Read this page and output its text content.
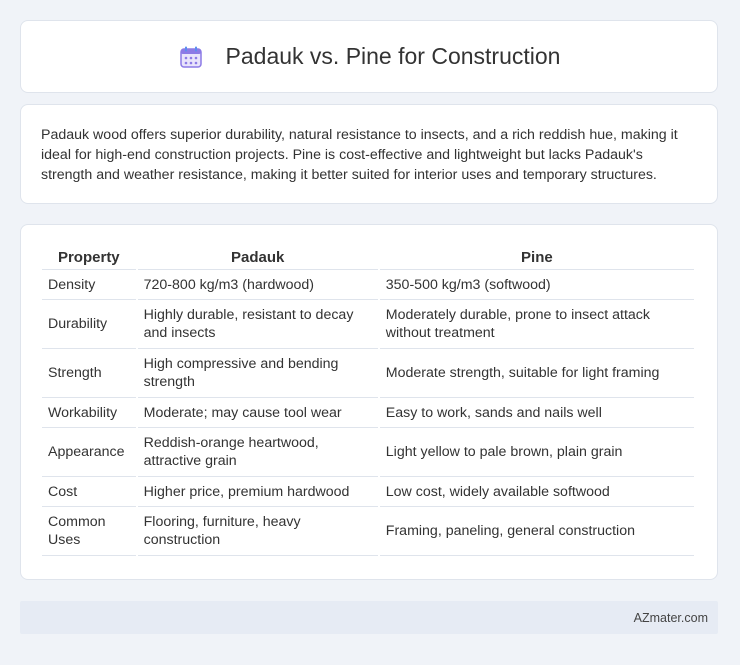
Padauk vs. Pine for Construction

Padauk wood offers superior durability, natural resistance to insects, and a rich reddish hue, making it ideal for high-end construction projects. Pine is cost-effective and lightweight but lacks Padauk's strength and weather resistance, making it better suited for interior uses and temporary structures.

Property	Padauk	Pine
Density	720-800 kg/m3 (hardwood)	350-500 kg/m3 (softwood)
Durability	Highly durable, resistant to decay and insects	Moderately durable, prone to insect attack without treatment
Strength	High compressive and bending strength	Moderate strength, suitable for light framing
Workability	Moderate; may cause tool wear	Easy to work, sands and nails well
Appearance	Reddish-orange heartwood, attractive grain	Light yellow to pale brown, plain grain
Cost	Higher price, premium hardwood	Low cost, widely available softwood
Common Uses	Flooring, furniture, heavy construction	Framing, paneling, general construction
AZmater.com
